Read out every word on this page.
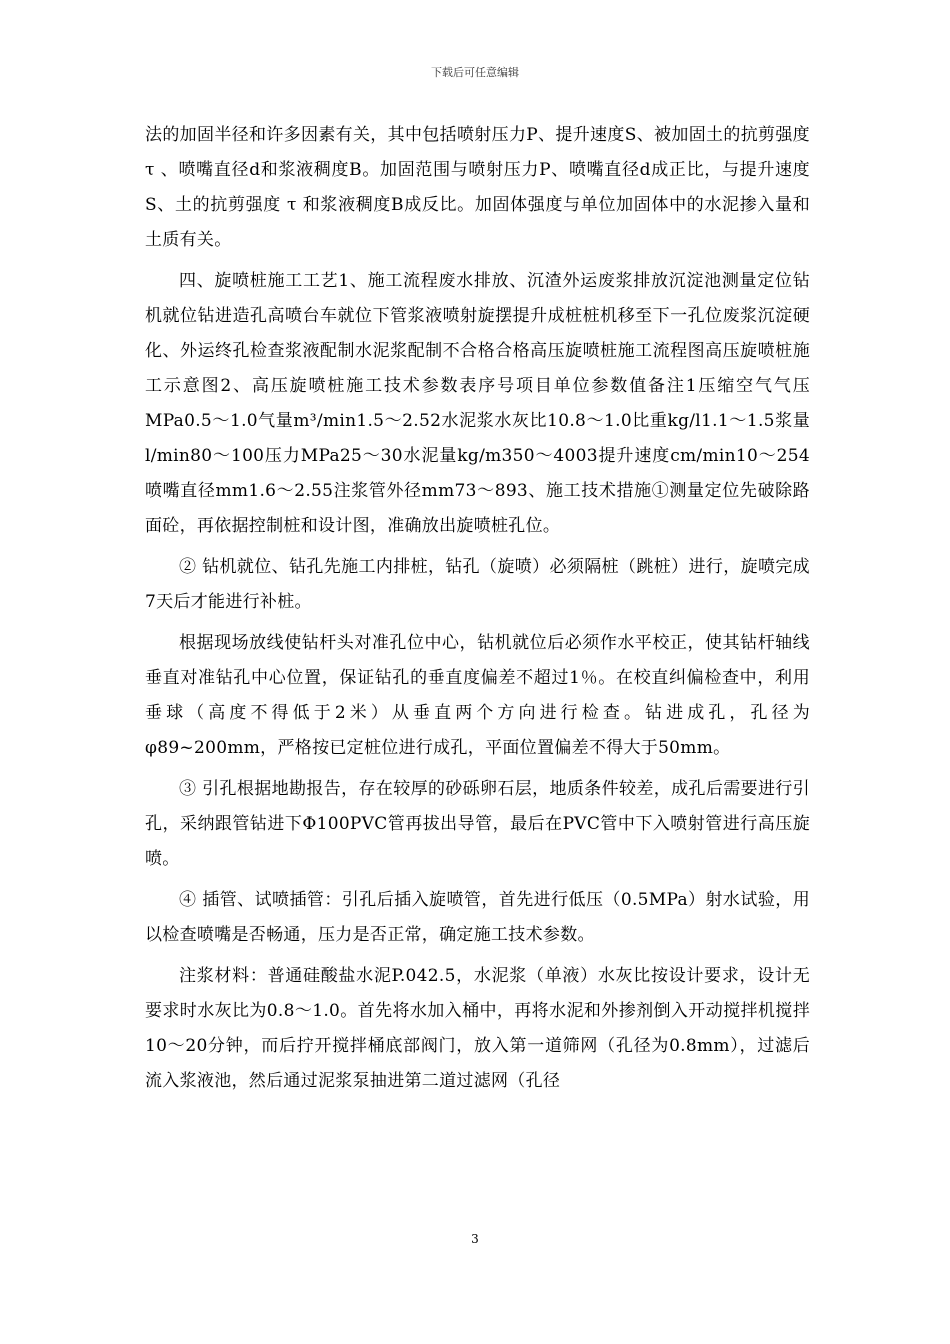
下载后可任意编辑

法的加固半径和许多因素有关，其中包括喷射压力P、提升速度S、被加固土的抗剪强度 τ 、喷嘴直径d和浆液稠度B。加固范围与喷射压力P、喷嘴直径d成正比，与提升速度S、土的抗剪强度 τ 和浆液稠度B成反比。加固体强度与单位加固体中的水泥掺入量和土质有关。

四、旋喷桩施工工艺1、施工流程废水排放、沉渣外运废浆排放沉淀池测量定位钻机就位钻进造孔高喷台车就位下管浆液喷射旋摆提升成桩桩机移至下一孔位废浆沉淀硬化、外运终孔检查浆液配制水泥浆配制不合格合格高压旋喷桩施工流程图高压旋喷桩施工示意图2、高压旋喷桩施工技术参数表序号项目单位参数值备注1压缩空气气压MPa0.5～1.0气量m³/min1.5～2.52水泥浆水灰比10.8～1.0比重kg/l1.1～1.5浆量l/min80～100压力MPa25～30水泥量kg/m350～4003提升速度cm/min10～254喷嘴直径mm1.6～2.55注浆管外径mm73～893、施工技术措施①测量定位先破除路面砼，再依据控制桩和设计图，准确放出旋喷桩孔位。

② 钻机就位、钻孔先施工内排桩，钻孔（旋喷）必须隔桩（跳桩）进行，旋喷完成7天后才能进行补桩。

根据现场放线使钻杆头对准孔位中心，钻机就位后必须作水平校正，使其钻杆轴线垂直对准钻孔中心位置，保证钻孔的垂直度偏差不超过1％。在校直纠偏检查中，利用垂球（高度不得低于2米）从垂直两个方向进行检查。钻进成孔，孔径为φ89~200mm，严格按已定桩位进行成孔，平面位置偏差不得大于50mm。

③ 引孔根据地勘报告，存在较厚的砂砾卵石层，地质条件较差，成孔后需要进行引孔，采纳跟管钻进下Φ100PVC管再拔出导管，最后在PVC管中下入喷射管进行高压旋喷。

④ 插管、试喷插管：引孔后插入旋喷管，首先进行低压（0.5MPa）射水试验，用以检查喷嘴是否畅通，压力是否正常，确定施工技术参数。

注浆材料：普通硅酸盐水泥P.042.5，水泥浆（单液）水灰比按设计要求，设计无要求时水灰比为0.8～1.0。首先将水加入桶中，再将水泥和外掺剂倒入开动搅拌机搅拌10～20分钟，而后拧开搅拌桶底部阀门，放入第一道筛网（孔径为0.8mm），过滤后流入浆液池，然后通过泥浆泵抽进第二道过滤网（孔径

3
